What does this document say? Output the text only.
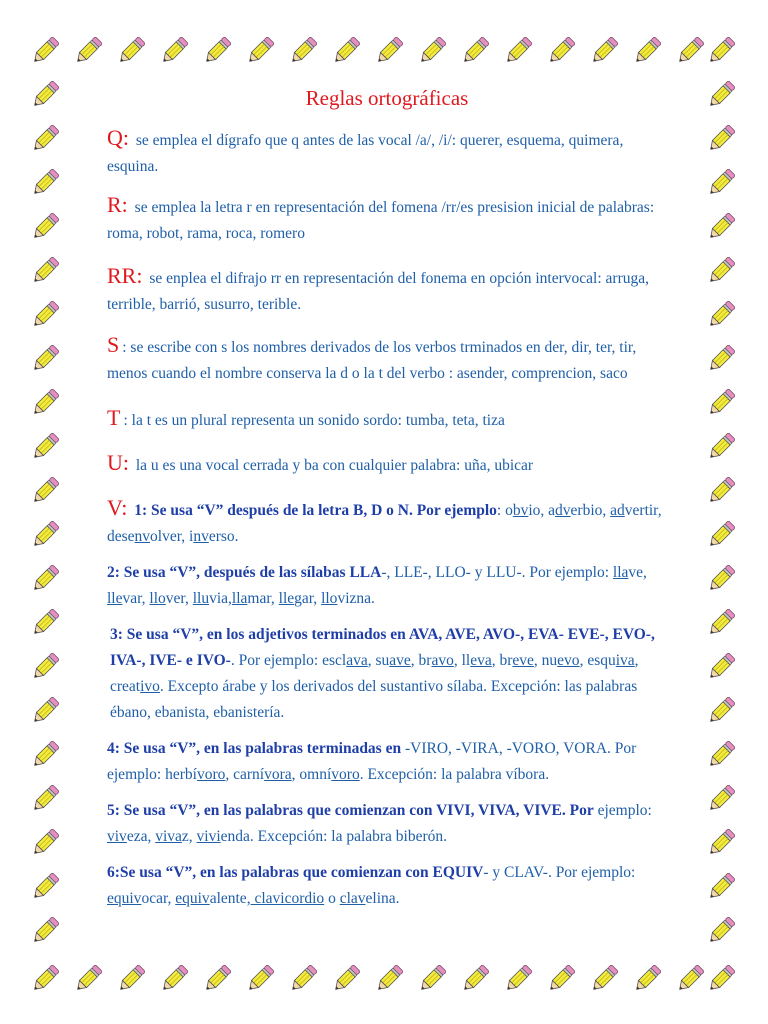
Reglas ortográficas

Q: se emplea el dígrafo que q antes de las vocal /a/, /i/: querer, esquema, quimera, esquina.

R: se emplea la letra r en representación del fomena /rr/es presision inicial de palabras: roma, robot, rama, roca, romero

RR: se enplea el difrajo rr en representación del fonema en opción intervocal: arruga, terrible, barrió, susurro, terible.

S : se escribe con s los nombres derivados de los verbos trminados en der, dir, ter, tir, menos cuando el nombre conserva la d o la t del verbo : asender, comprencion, saco

T : la t es un plural representa un sonido sordo: tumba, teta, tiza

U: la u es una vocal cerrada y ba con cualquier palabra: uña, ubicar

V: 1: Se usa “V” después de la letra B, D o N. Por ejemplo: obvio, adverbio, advertir, desenvolver, inverso.

2: Se usa “V”, después de las sílabas LLA-, LLE-, LLO- y LLU-. Por ejemplo: llave, llevar, llover, lluvia,llamar, llegar, llovizna.

3: Se usa “V”, en los adjetivos terminados en AVA, AVE, AVO-, EVA- EVE-, EVO-, IVA-, IVE- e IVO-. Por ejemplo: esclava, suave, bravo, lleva, breve, nuevo, esquiva, creativo. Excepto árabe y los derivados del sustantivo sílaba. Excepción: las palabras ébano, ebanista, ebanistería.

4: Se usa “V”, en las palabras terminadas en -VIRO, -VIRA, -VORO, VORA. Por ejemplo: herbívoro, carnívora, omnívoro. Excepción: la palabra víbora.

5: Se usa “V”, en las palabras que comienzan con VIVI, VIVA, VIVE. Por ejemplo: viveza, vivaz, vivienda. Excepción: la palabra biberón.

6:Se usa “V”, en las palabras que comienzan con EQUIV- y CLAV-. Por ejemplo: equivocar, equivalente, clavicordio o clavelina.
